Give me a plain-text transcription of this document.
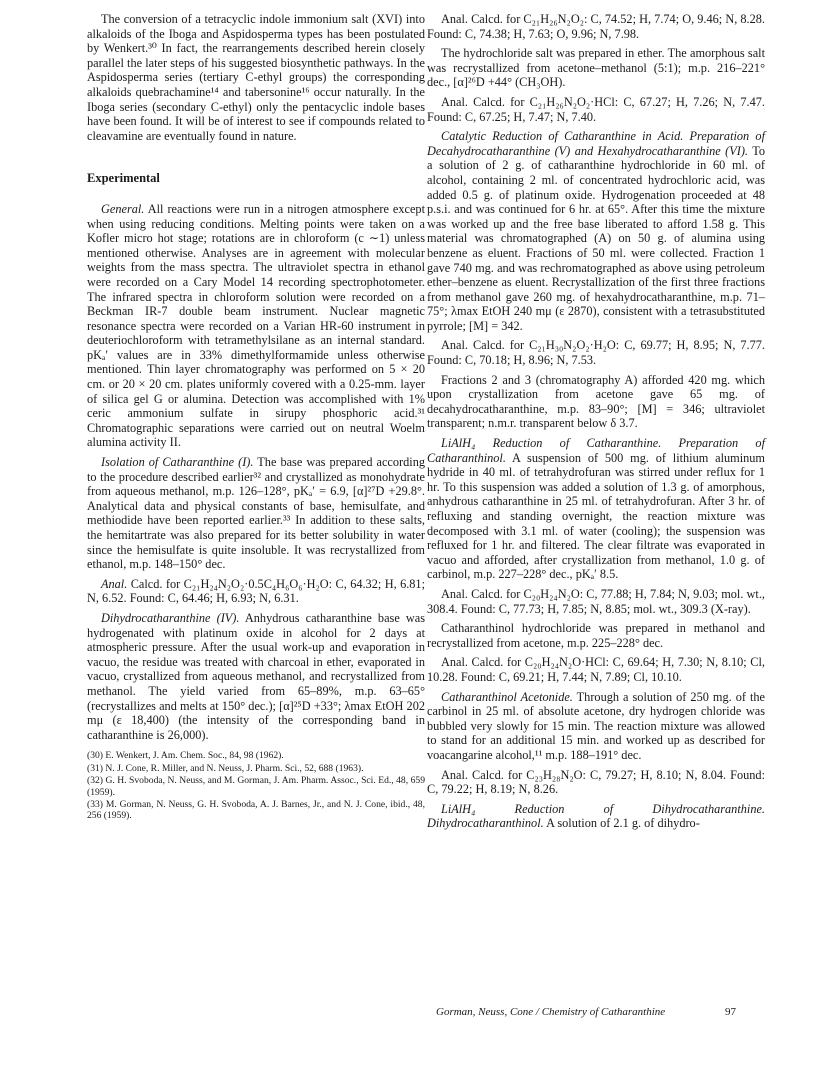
The conversion of a tetracyclic indole immonium salt (XVI) into alkaloids of the Iboga and Aspidosperma types has been postulated by Wenkert.³⁰ In fact, the rearrangements described herein closely parallel the later steps of his suggested biosynthetic pathways. In the Aspidosperma series (tertiary C-ethyl groups) the corresponding alkaloids quebrachamine¹⁴ and tabersonine¹⁶ occur naturally. In the Iboga series (secondary C-ethyl) only the pentacyclic indole bases have been found. It will be of interest to see if compounds related to cleavamine are eventually found in nature.

Experimental

General. All reactions were run in a nitrogen atmosphere except when using reducing conditions. Melting points were taken on a Kofler micro hot stage; rotations are in chloroform (c ∼1) unless mentioned otherwise. Analyses are in agreement with molecular weights from the mass spectra. The ultraviolet spectra in ethanol were recorded on a Cary Model 14 recording spectrophotometer. The infrared spectra in chloroform solution were recorded on a Beckman IR-7 double beam instrument. Nuclear magnetic resonance spectra were recorded on a Varian HR-60 instrument in deuteriochloroform with tetramethylsilane as an internal standard. pKₐ′ values are in 33% dimethylformamide unless otherwise mentioned. Thin layer chromatography was performed on 5 × 20 cm. or 20 × 20 cm. plates uniformly covered with a 0.25-mm. layer of silica gel G or alumina. Detection was accomplished with 1% ceric ammonium sulfate in sirupy phosphoric acid.³¹ Chromatographic separations were carried out on neutral Woelm alumina activity II.

Isolation of Catharanthine (I). The base was prepared according to the procedure described earlier³² and crystallized as monohydrate from aqueous methanol, m.p. 126–128°, pKₐ′ = 6.9, [α]²⁷D +29.8°. Analytical data and physical constants of base, hemisulfate, and methiodide have been reported earlier.³³ In addition to these salts, the hemitartrate was also prepared for its better solubility in water since the hemisulfate is quite insoluble. It was recrystallized from ethanol, m.p. 148–150° dec.

Anal. Calcd. for C₂₁H₂₄N₂O₂·0.5C₄H₆O₆·H₂O: C, 64.32; H, 6.81; N, 6.52. Found: C, 64.46; H, 6.93; N, 6.31.

Dihydrocatharanthine (IV). Anhydrous catharanthine base was hydrogenated with platinum oxide in alcohol for 2 days at atmospheric pressure. After the usual work-up and evaporation in vacuo, the residue was treated with charcoal in ether, evaporated in vacuo, crystallized from aqueous methanol, and recrystallized from methanol. The yield varied from 65–89%, m.p. 63–65° (recrystallizes and melts at 150° dec.); [α]²⁵D +33°; λmax EtOH 202 mμ (ε 18,400) (the intensity of the corresponding band in catharanthine is 26,000).

(30) E. Wenkert, J. Am. Chem. Soc., 84, 98 (1962).
(31) N. J. Cone, R. Miller, and N. Neuss, J. Pharm. Sci., 52, 688 (1963).
(32) G. H. Svoboda, N. Neuss, and M. Gorman, J. Am. Pharm. Assoc., Sci. Ed., 48, 659 (1959).
(33) M. Gorman, N. Neuss, G. H. Svoboda, A. J. Barnes, Jr., and N. J. Cone, ibid., 48, 256 (1959).

Anal. Calcd. for C₂₁H₂₆N₂O₂: C, 74.52; H, 7.74; O, 9.46; N, 8.28. Found: C, 74.38; H, 7.63; O, 9.96; N, 7.98.

The hydrochloride salt was prepared in ether. The amorphous salt was recrystallized from acetone–methanol (5:1); m.p. 216–221° dec., [α]²⁶D +44° (CH₃OH).

Anal. Calcd. for C₂₁H₂₆N₂O₂·HCl: C, 67.27; H, 7.26; N, 7.47. Found: C, 67.25; H, 7.47; N, 7.40.

Catalytic Reduction of Catharanthine in Acid. Preparation of Decahydrocatharanthine (V) and Hexahydrocatharanthine (VI). To a solution of 2 g. of catharanthine hydrochloride in 60 ml. of alcohol, containing 2 ml. of concentrated hydrochloric acid, was added 0.5 g. of platinum oxide. Hydrogenation proceeded at 48 p.s.i. and was continued for 6 hr. at 65°. After this time the mixture was worked up and the free base liberated to afford 1.58 g. This material was chromatographed (A) on 50 g. of alumina using benzene as eluent. Fractions of 50 ml. were collected. Fraction 1 gave 740 mg. and was rechromatographed as above using petroleum ether–benzene as eluent. Recrystallization of the first three fractions from methanol gave 260 mg. of hexahydrocatharanthine, m.p. 71–75°; λmax EtOH 240 mμ (ε 2870), consistent with a tetrasubstituted pyrrole; [M] = 342.

Anal. Calcd. for C₂₁H₃₀N₂O₂·H₂O: C, 69.77; H, 8.95; N, 7.77. Found: C, 70.18; H, 8.96; N, 7.53.

Fractions 2 and 3 (chromatography A) afforded 420 mg. which upon crystallization from acetone gave 65 mg. of decahydrocatharanthine, m.p. 83–90°; [M] = 346; ultraviolet transparent; n.m.r. transparent below δ 3.7.

LiAlH₄ Reduction of Catharanthine. Preparation of Catharanthinol. A suspension of 500 mg. of lithium aluminum hydride in 40 ml. of tetrahydrofuran was stirred under reflux for 1 hr. To this suspension was added a solution of 1.3 g. of amorphous, anhydrous catharanthine in 25 ml. of tetrahydrofuran. After 3 hr. of refluxing and standing overnight, the reaction mixture was decomposed with 3.1 ml. of water (cooling); the suspension was refluxed for 1 hr. and filtered. The clear filtrate was evaporated in vacuo and afforded, after crystallization from methanol, 1.0 g. of carbinol, m.p. 227–228° dec., pKₐ′ 8.5.

Anal. Calcd. for C₂₀H₂₄N₂O: C, 77.88; H, 7.84; N, 9.03; mol. wt., 308.4. Found: C, 77.73; H, 7.85; N, 8.85; mol. wt., 309.3 (X-ray).

Catharanthinol hydrochloride was prepared in methanol and recrystallized from acetone, m.p. 225–228° dec.

Anal. Calcd. for C₂₀H₂₄N₂O·HCl: C, 69.64; H, 7.30; N, 8.10; Cl, 10.28. Found: C, 69.21; H, 7.44; N, 7.89; Cl, 10.10.

Catharanthinol Acetonide. Through a solution of 250 mg. of the carbinol in 25 ml. of absolute acetone, dry hydrogen chloride was bubbled very slowly for 15 min. The reaction mixture was allowed to stand for an additional 15 min. and worked up as described for voacangarine alcohol,¹¹ m.p. 188–191° dec.

Anal. Calcd. for C₂₃H₂₈N₂O: C, 79.27; H, 8.10; N, 8.04. Found: C, 79.22; H, 8.19; N, 8.26.

LiAlH₄ Reduction of Dihydrocatharanthine. Dihydrocatharanthinol. A solution of 2.1 g. of dihydro-

Gorman, Neuss, Cone / Chemistry of Catharanthine	97
